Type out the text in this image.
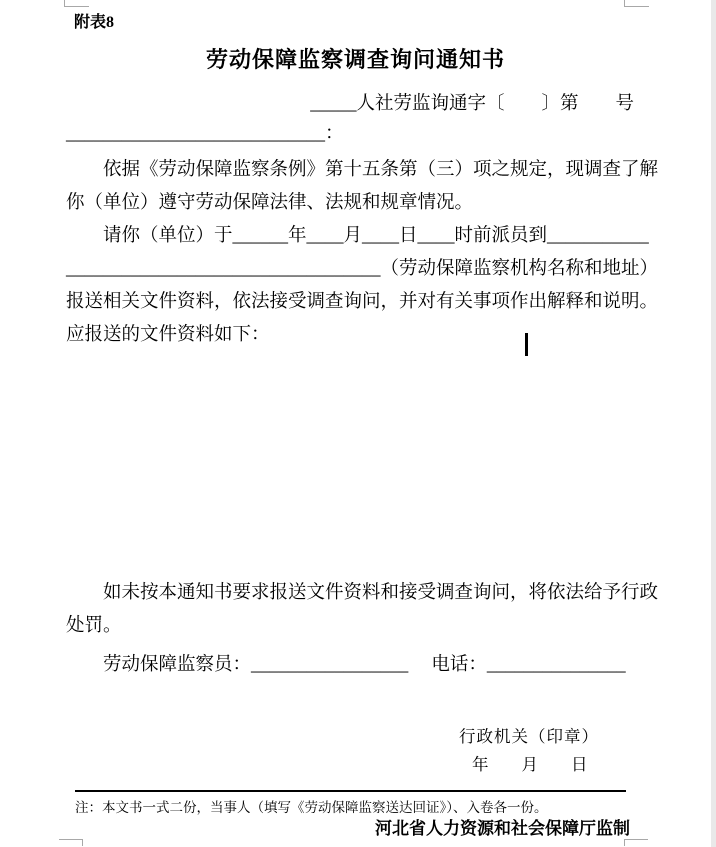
附表8
劳动保障监察调查询问通知书
_____人社劳监询通字〔　　〕第　　号
____________________________：
　　依据《劳动保障监察条例》第十五条第（三）项之规定，现调查了解
你（单位）遵守劳动保障法律、法规和规章情况。
　　请你（单位）于______年____月____日____时前派员到___________
__________________________________（劳动保障监察机构名称和地址）
报送相关文件资料，依法接受调查询问，并对有关事项作出解释和说明。
应报送的文件资料如下：
　　如未按本通知书要求报送文件资料和接受调查询问，将依法给予行政
处罚。
　　劳动保障监察员：_________________　 电话：_______________
行政机关（印章）
年　　月　　日
注：本文书一式二份，当事人（填写《劳动保障监察送达回证》）、入卷各一份。
河北省人力资源和社会保障厅监制
